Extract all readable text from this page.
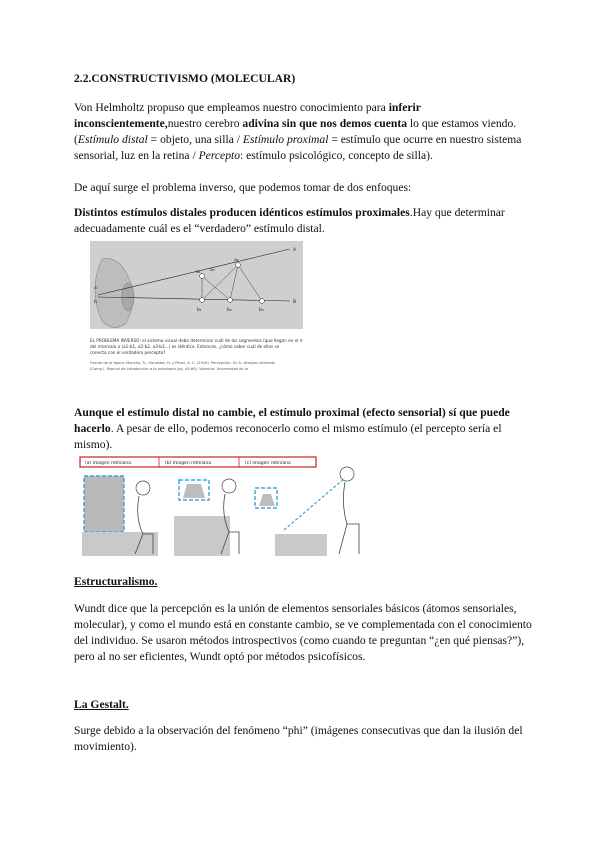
2.2.CONSTRUCTIVISMO (MOLECULAR)
Von Helmholtz propuso que empleamos nuestro conocimiento para inferir inconscientemente,nuestro cerebro adivina sin que nos demos cuenta lo que estamos viendo.(Estímulo distal = objeto, una silla / Estímulo proximal = estímulo que ocurre en nuestro sistema sensorial, luz en la retina / Percepto: estímulo psicológico, concepto de silla).
De aquí surge el problema inverso, que podemos tomar de dos enfoques:
Distintos estímulos distales producen idénticos estímulos proximales.Hay que determinar adecuadamente cuál es el “verdadero” estímulo distal.
A
B
a
b
a₁
a₂
a₃
b₁	b₂	b₃
EL PROBLEMA INVERSO: el sistema visual debe determinar cuál de los segmentos (que llegan en el mismo
del intervalo a (a1-b1, a2-b2, a3-b3...) es idéntico. Entonces, ¿cómo saber cuál de ellos se
conecta con el verdadero percepto?
Fuente de la figura: Mancha, R., González, H. y Pérez, A. C. (2016). Percepción. En A. Vázquez-Valverde
(Comp.), Manual de introducción a la psicología (pp. 49-66). Valencia: Universidad de la
Aunque el estímulo distal no cambie, el estímulo proximal (efecto sensorial) sí que puede hacerlo. A pesar de ello, podemos reconocerlo como el mismo estímulo (el percepto sería el mismo).
(a) imagen retiniana	(b) imagen retiniana	(c) imagen retiniana
Estructuralismo.
Wundt dice que la percepción es la unión de elementos sensoriales básicos (átomos sensoriales, molecular), y como el mundo está en constante cambio, se ve complementada con el conocimiento del individuo. Se usaron métodos introspectivos (como cuando te preguntan “¿en qué piensas?”), pero al no ser eficientes, Wundt optó por métodos psicofísicos.
La Gestalt.
Surge debido a la observación del fenómeno “phi” (imágenes consecutivas que dan la ilusión del movimiento).
